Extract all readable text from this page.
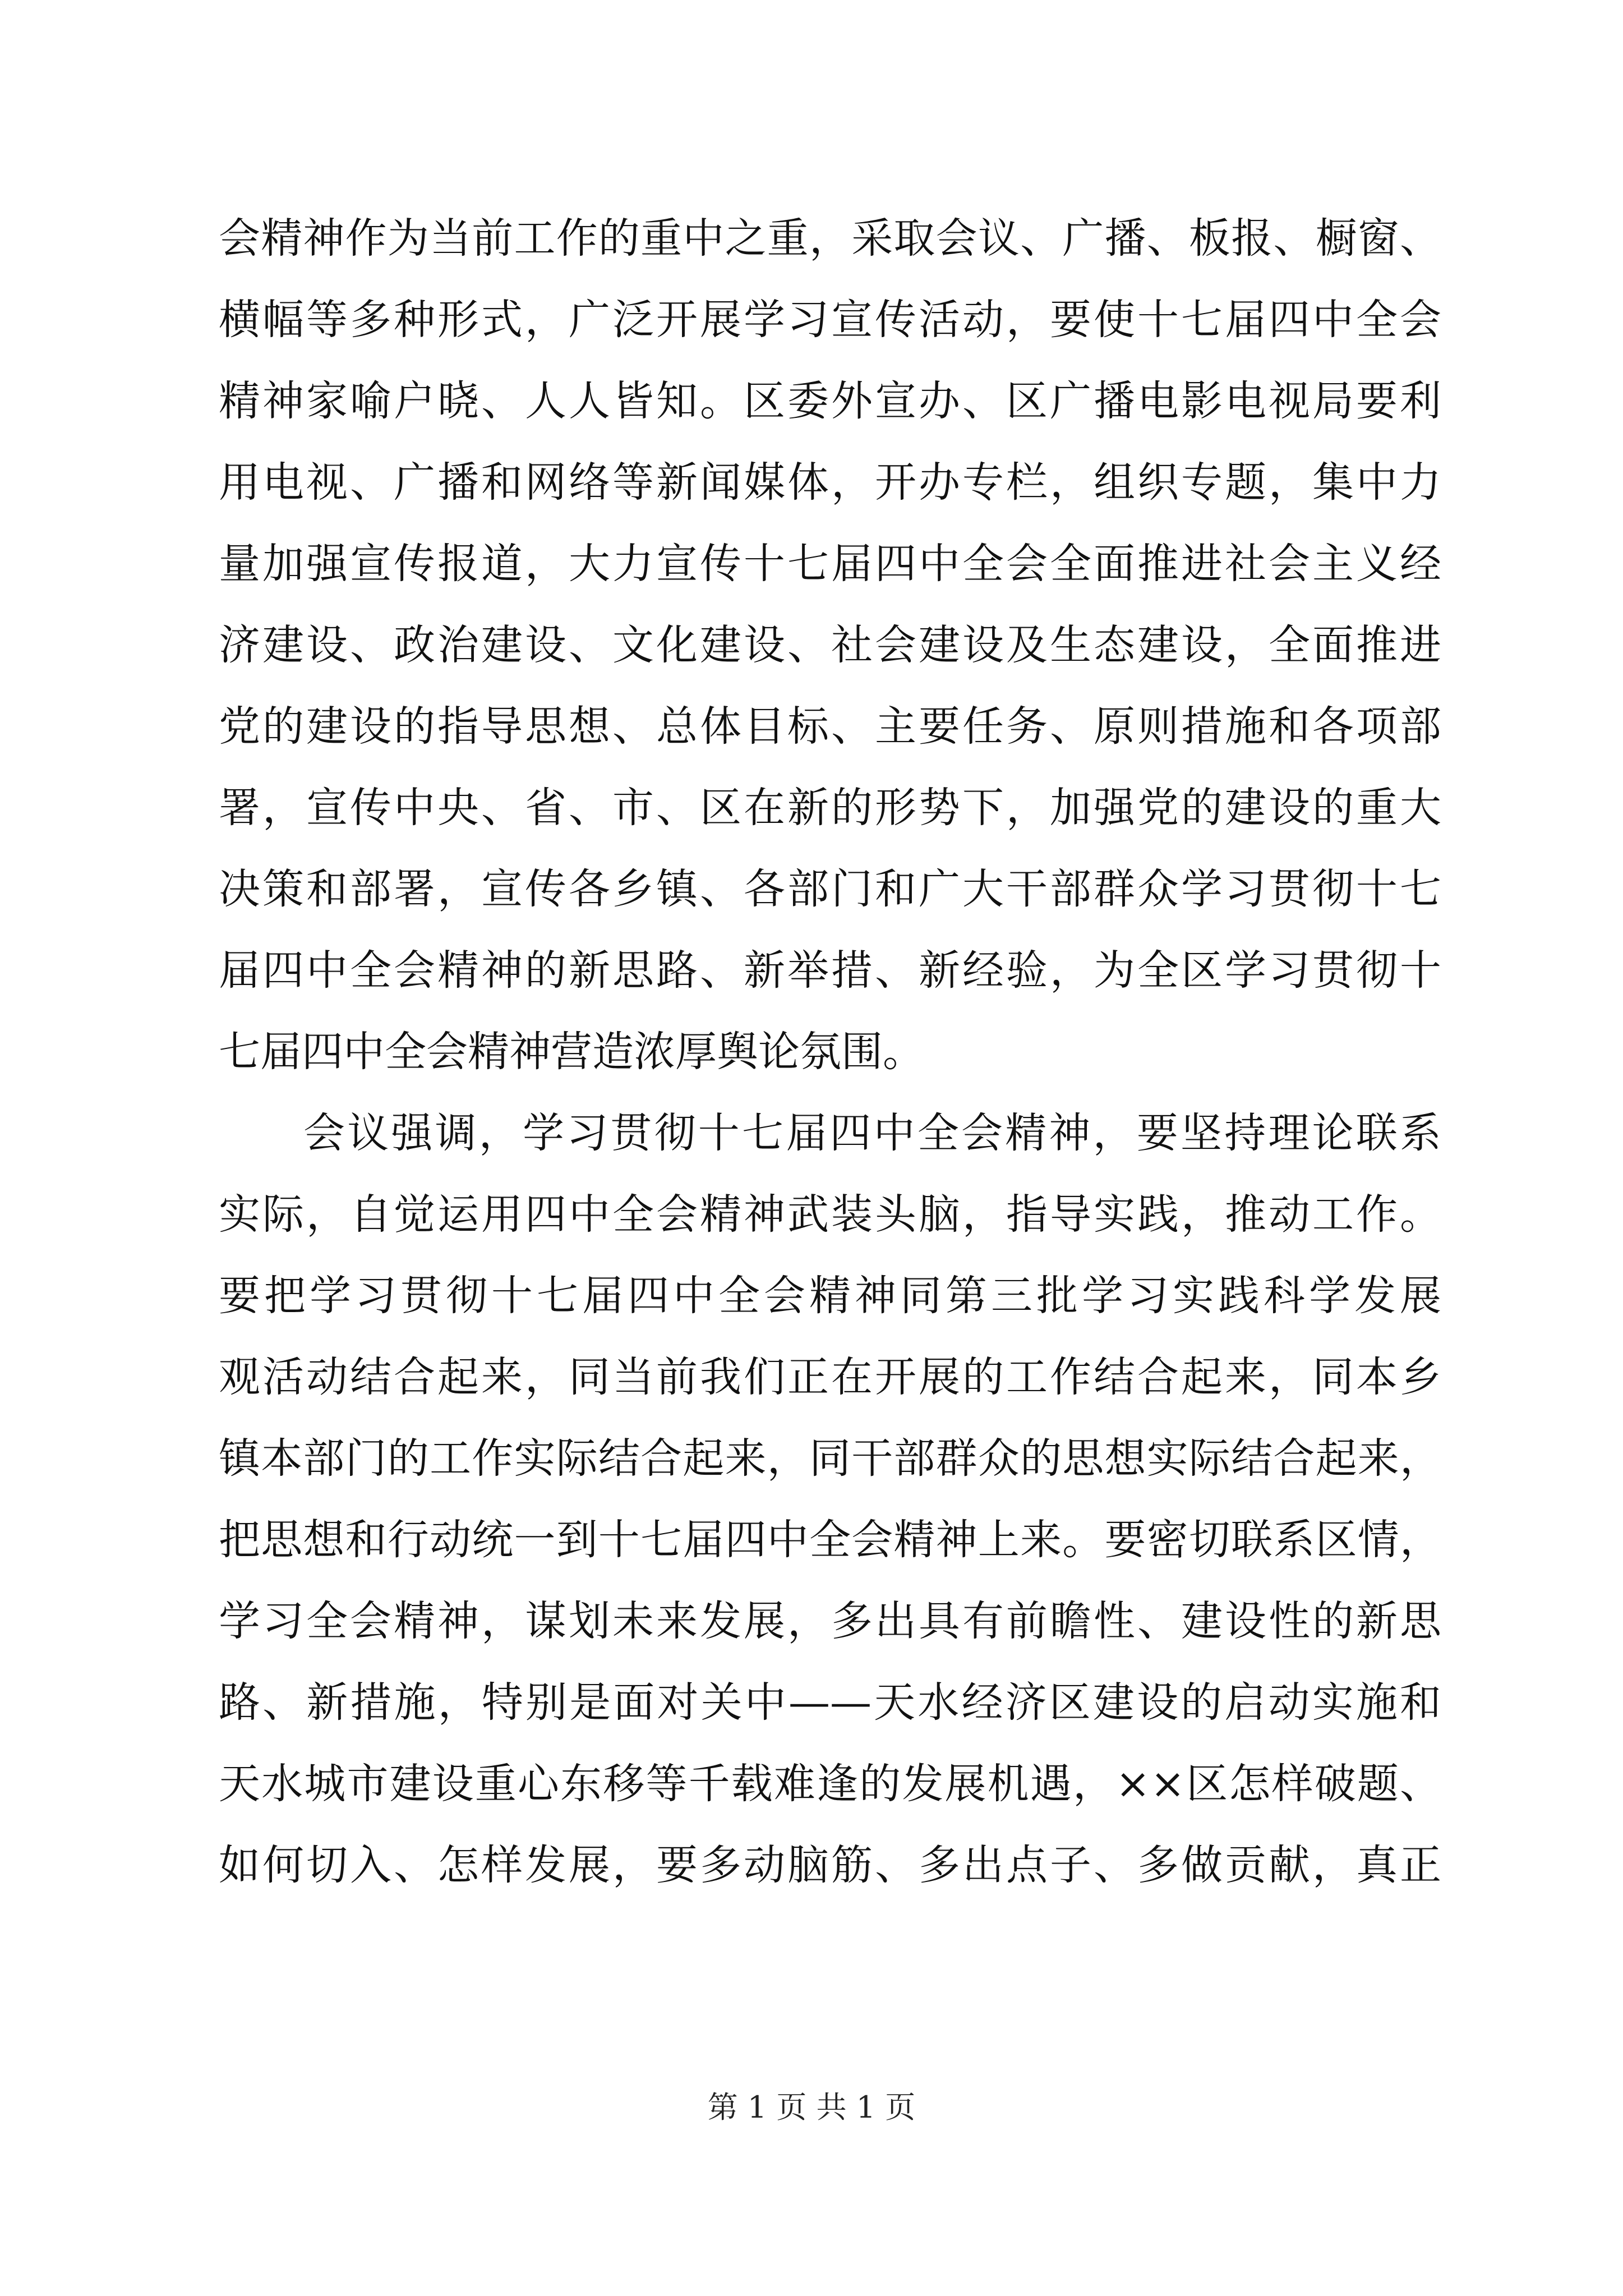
会精神作为当前工作的重中之重，采取会议、广播、板报、橱窗、

横幅等多种形式，广泛开展学习宣传活动，要使十七届四中全会

精神家喻户晓、人人皆知。区委外宣办、区广播电影电视局要利

用电视、广播和网络等新闻媒体，开办专栏，组织专题，集中力

量加强宣传报道，大力宣传十七届四中全会全面推进社会主义经

济建设、政治建设、文化建设、社会建设及生态建设，全面推进

党的建设的指导思想、总体目标、主要任务、原则措施和各项部

署，宣传中央、省、市、区在新的形势下，加强党的建设的重大

决策和部署，宣传各乡镇、各部门和广大干部群众学习贯彻十七

届四中全会精神的新思路、新举措、新经验，为全区学习贯彻十

七届四中全会精神营造浓厚舆论氛围。

会议强调，学习贯彻十七届四中全会精神，要坚持理论联系

实际，自觉运用四中全会精神武装头脑，指导实践，推动工作。

要把学习贯彻十七届四中全会精神同第三批学习实践科学发展

观活动结合起来，同当前我们正在开展的工作结合起来，同本乡

镇本部门的工作实际结合起来，同干部群众的思想实际结合起来，

把思想和行动统一到十七届四中全会精神上来。要密切联系区情，

学习全会精神，谋划未来发展，多出具有前瞻性、建设性的新思

路、新措施，特别是面对关中——天水经济区建设的启动实施和

天水城市建设重心东移等千载难逢的发展机遇，××区怎样破题、

如何切入、怎样发展，要多动脑筋、多出点子、多做贡献，真正

第 1 页 共 1 页
